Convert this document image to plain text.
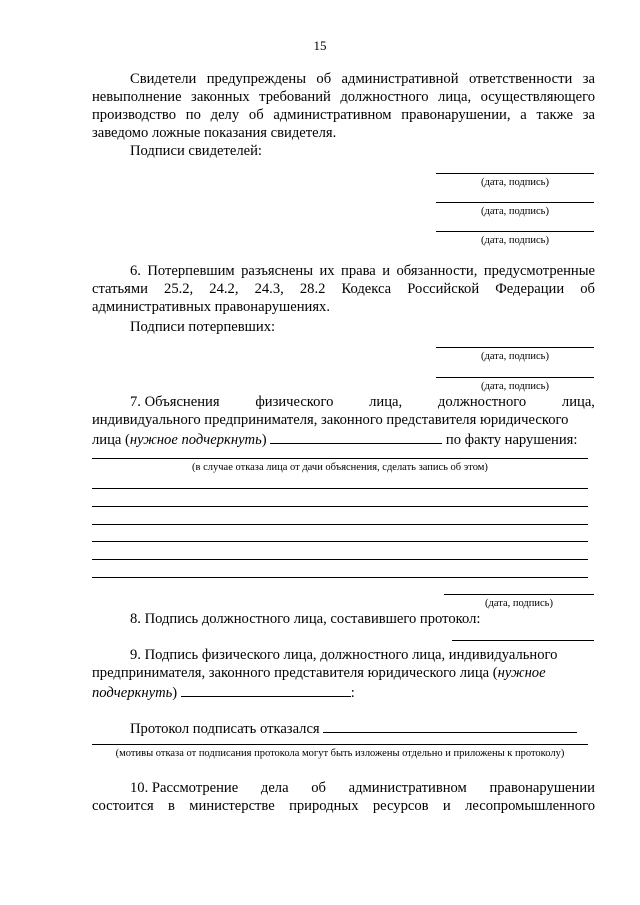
15
Свидетели предупреждены об административной ответственности за невыполнение законных требований должностного лица, осуществляющего производство по делу об административном правонарушении, а также за заведомо ложные показания свидетеля.
Подписи свидетелей:
(дата, подпись)
(дата, подпись)
(дата, подпись)
6. Потерпевшим разъяснены их права и обязанности, предусмотренные статьями 25.2, 24.2, 24.3, 28.2 Кодекса Российской Федерации об административных правонарушениях.
Подписи потерпевших:
(дата, подпись)
(дата, подпись)
7. Объяснения физического лица, должностного лица,
индивидуального предпринимателя, законного представителя юридического
лица (нужное подчеркнуть)	по факту нарушения:
(в случае отказа лица от дачи объяснения, сделать запись об этом)
(дата, подпись)
8. Подпись должностного лица, составившего протокол:
9. Подпись физического лица, должностного лица, индивидуального
предпринимателя, законного представителя юридического лица (нужное
подчеркнуть)	:
Протокол подписать отказался
(мотивы отказа от подписания протокола могут быть изложены отдельно и приложены к протоколу)
10. Рассмотрение дела об административном правонарушении
состоится в министерстве природных ресурсов и лесопромышленного
